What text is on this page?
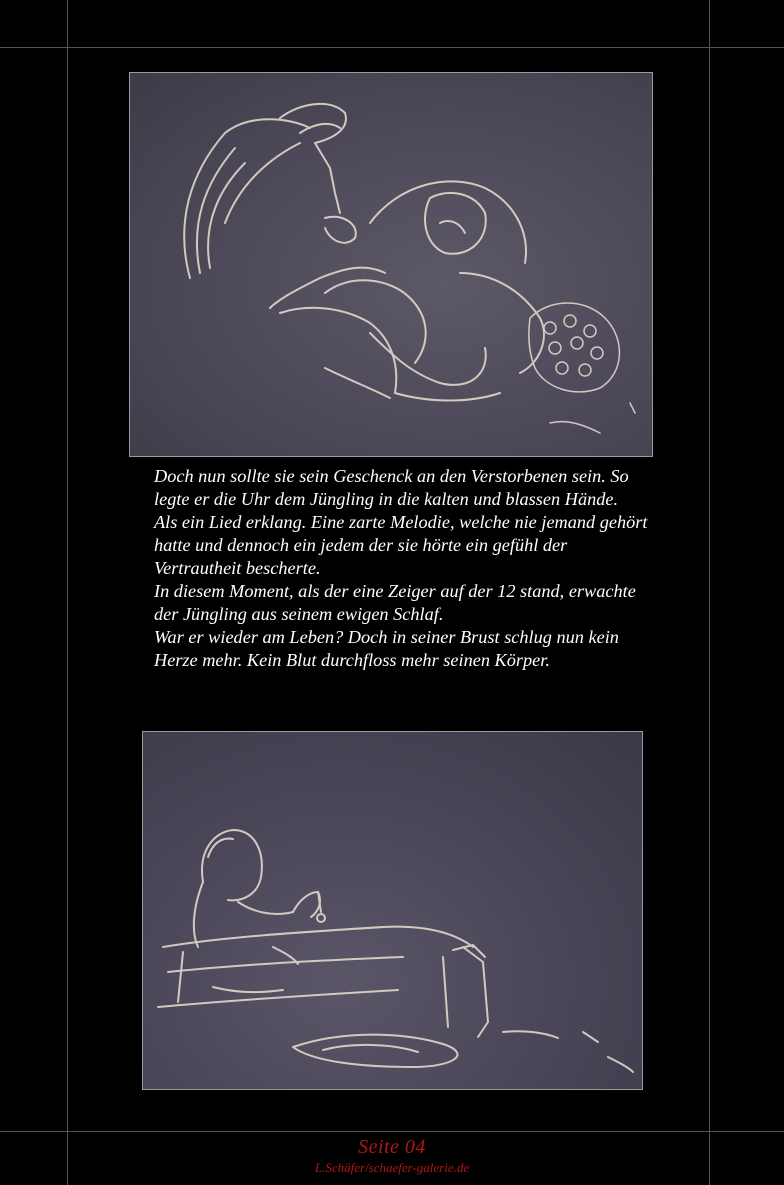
Doch nun sollte sie sein Geschenck an den Verstorbenen sein. So legte er die Uhr dem Jüngling in die kalten und blassen Hände.

Als ein Lied erklang. Eine zarte Melodie, welche nie jemand gehört hatte und dennoch ein jedem der sie hörte ein gefühl der Vertrautheit bescherte.

In diesem Moment, als der eine Zeiger auf der 12 stand, erwachte der Jüngling aus seinem ewigen Schlaf.

War er wieder am Leben? Doch in seiner Brust schlug nun kein Herze mehr. Kein Blut durchfloss mehr seinen Körper.

Seite 04
L.Schäfer/schaefer-galerie.de
